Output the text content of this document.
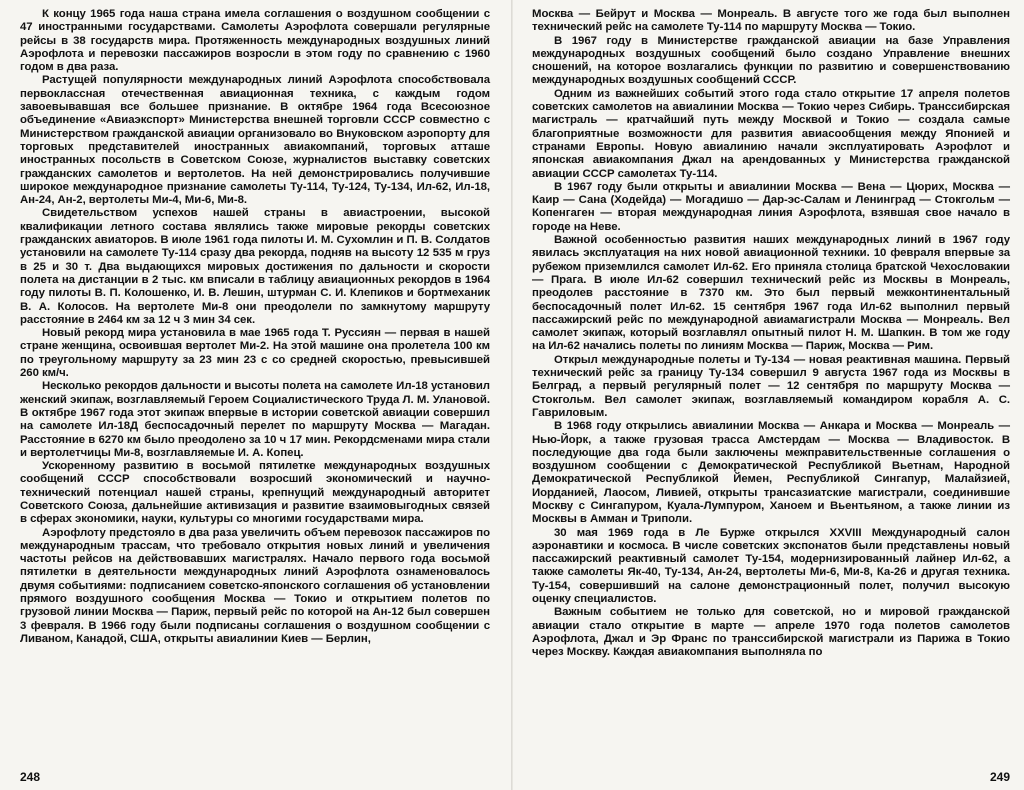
К концу 1965 года наша страна имела соглашения о воздушном сообщении с 47 иностранными государствами. Самолеты Аэрофлота совершали регулярные рейсы в 38 государств мира. Протяженность международных воздушных линий Аэрофлота и перевозки пассажиров возросли в этом году по сравнению с 1960 годом в два раза.

Растущей популярности международных линий Аэрофлота способствовала первоклассная отечественная авиационная техника, с каждым годом завоевывавшая все большее признание. В октябре 1964 года Всесоюзное объединение «Авиаэкспорт» Министерства внешней торговли СССР совместно с Министерством гражданской авиации организовало во Внуковском аэропорту для торговых представителей иностранных авиакомпаний, торговых атташе иностранных посольств в Советском Союзе, журналистов выставку советских гражданских самолетов и вертолетов. На ней демонстрировались получившие широкое международное признание самолеты Ту-114, Ту-124, Ту-134, Ил-62, Ил-18, Ан-24, Ан-2, вертолеты Ми-4, Ми-6, Ми-8.

Свидетельством успехов нашей страны в авиастроении, высокой квалификации летного состава являлись также мировые рекорды советских гражданских авиаторов. В июле 1961 года пилоты И. М. Сухомлин и П. В. Солдатов установили на самолете Ту-114 сразу два рекорда, подняв на высоту 12 535 м груз в 25 и 30 т. Два выдающихся мировых достижения по дальности и скорости полета на дистанции в 2 тыс. км вписали в таблицу авиационных рекордов в 1964 году пилоты В. П. Колошенко, И. В. Лешин, штурман С. И. Клепиков и бортмеханик В. А. Колосов. На вертолете Ми-8 они преодолели по замкнутому маршруту расстояние в 2464 км за 12 ч 3 мин 34 сек.

Новый рекорд мира установила в мае 1965 года Т. Руссиян — первая в нашей стране женщина, освоившая вертолет Ми-2. На этой машине она пролетела 100 км по треугольному маршруту за 23 мин 23 с со средней скоростью, превысившей 260 км/ч.

Несколько рекордов дальности и высоты полета на самолете Ил-18 установил женский экипаж, возглавляемый Героем Социалистического Труда Л. М. Улановой. В октябре 1967 года этот экипаж впервые в истории советской авиации совершил на самолете Ил-18Д беспосадочный перелет по маршруту Москва — Магадан. Расстояние в 6270 км было преодолено за 10 ч 17 мин. Рекордсменами мира стали и вертолетчицы Ми-8, возглавляемые И. А. Копец.

Ускоренному развитию в восьмой пятилетке международных воздушных сообщений СССР способствовали возросший экономический и научно-технический потенциал нашей страны, крепнущий международный авторитет Советского Союза, дальнейшие активизация и развитие взаимовыгодных связей в сферах экономики, науки, культуры со многими государствами мира.

Аэрофлоту предстояло в два раза увеличить объем перевозок пассажиров по международным трассам, что требовало открытия новых линий и увеличения частоты рейсов на действовавших магистралях. Начало первого года восьмой пятилетки в деятельности международных линий Аэрофлота ознаменовалось двумя событиями: подписанием советско-японского соглашения об установлении прямого воздушного сообщения Москва — Токио и открытием полетов по грузовой линии Москва — Париж, первый рейс по которой на Ан-12 был совершен 3 февраля. В 1966 году были подписаны соглашения о воздушном сообщении с Ливаном, Канадой, США, открыты авиалинии Киев — Берлин,

248

Москва — Бейрут и Москва — Монреаль. В августе того же года был выполнен технический рейс на самолете Ту-114 по маршруту Москва — Токио.

В 1967 году в Министерстве гражданской авиации на базе Управления международных воздушных сообщений было создано Управление внешних сношений, на которое возлагались функции по развитию и совершенствованию международных воздушных сообщений СССР.

Одним из важнейших событий этого года стало открытие 17 апреля полетов советских самолетов на авиалинии Москва — Токио через Сибирь. Транссибирская магистраль — кратчайший путь между Москвой и Токио — создала самые благоприятные возможности для развития авиасообщения между Японией и странами Европы. Новую авиалинию начали эксплуатировать Аэрофлот и японская авиакомпания Джал на арендованных у Министерства гражданской авиации СССР самолетах Ту-114.

В 1967 году были открыты и авиалинии Москва — Вена — Цюрих, Москва — Каир — Сана (Ходейда) — Могадишо — Дар-эс-Салам и Ленинград — Стокгольм — Копенгаген — вторая международная линия Аэрофлота, взявшая свое начало в городе на Неве.

Важной особенностью развития наших международных линий в 1967 году явилась эксплуатация на них новой авиационной техники. 10 февраля впервые за рубежом приземлился самолет Ил-62. Его приняла столица братской Чехословакии — Прага. В июле Ил-62 совершил технический рейс из Москвы в Монреаль, преодолев расстояние в 7370 км. Это был первый межконтинентальный беспосадочный полет Ил-62. 15 сентября 1967 года Ил-62 выполнил первый пассажирский рейс по международной авиамагистрали Москва — Монреаль. Вел самолет экипаж, который возглавлял опытный пилот Н. М. Шапкин. В том же году на Ил-62 начались полеты по линиям Москва — Париж, Москва — Рим.

Открыл международные полеты и Ту-134 — новая реактивная машина. Первый технический рейс за границу Ту-134 совершил 9 августа 1967 года из Москвы в Белград, а первый регулярный полет — 12 сентября по маршруту Москва — Стокгольм. Вел самолет экипаж, возглавляемый командиром корабля А. С. Гавриловым.

В 1968 году открылись авиалинии Москва — Анкара и Москва — Монреаль — Нью-Йорк, а также грузовая трасса Амстердам — Москва — Владивосток. В последующие два года были заключены межправительственные соглашения о воздушном сообщении с Демократической Республикой Вьетнам, Народной Демократической Республикой Йемен, Республикой Сингапур, Малайзией, Иорданией, Лаосом, Ливией, открыты трансазиатские магистрали, соединившие Москву с Сингапуром, Куала-Лумпуром, Ханоем и Вьентьяном, а также линии из Москвы в Амман и Триполи.

30 мая 1969 года в Ле Бурже открылся XXVIII Международный салон аэронавтики и космоса. В числе советских экспонатов были представлены новый пассажирский реактивный самолет Ту-154, модернизированный лайнер Ил-62, а также самолеты Як-40, Ту-134, Ан-24, вертолеты Ми-6, Ми-8, Ка-26 и другая техника. Ту-154, совершивший на салоне демонстрационный полет, получил высокую оценку специалистов.

Важным событием не только для советской, но и мировой гражданской авиации стало открытие в марте — апреле 1970 года полетов самолетов Аэрофлота, Джал и Эр Франс по транссибирской магистрали из Парижа в Токио через Москву. Каждая авиакомпания выполняла по

249
